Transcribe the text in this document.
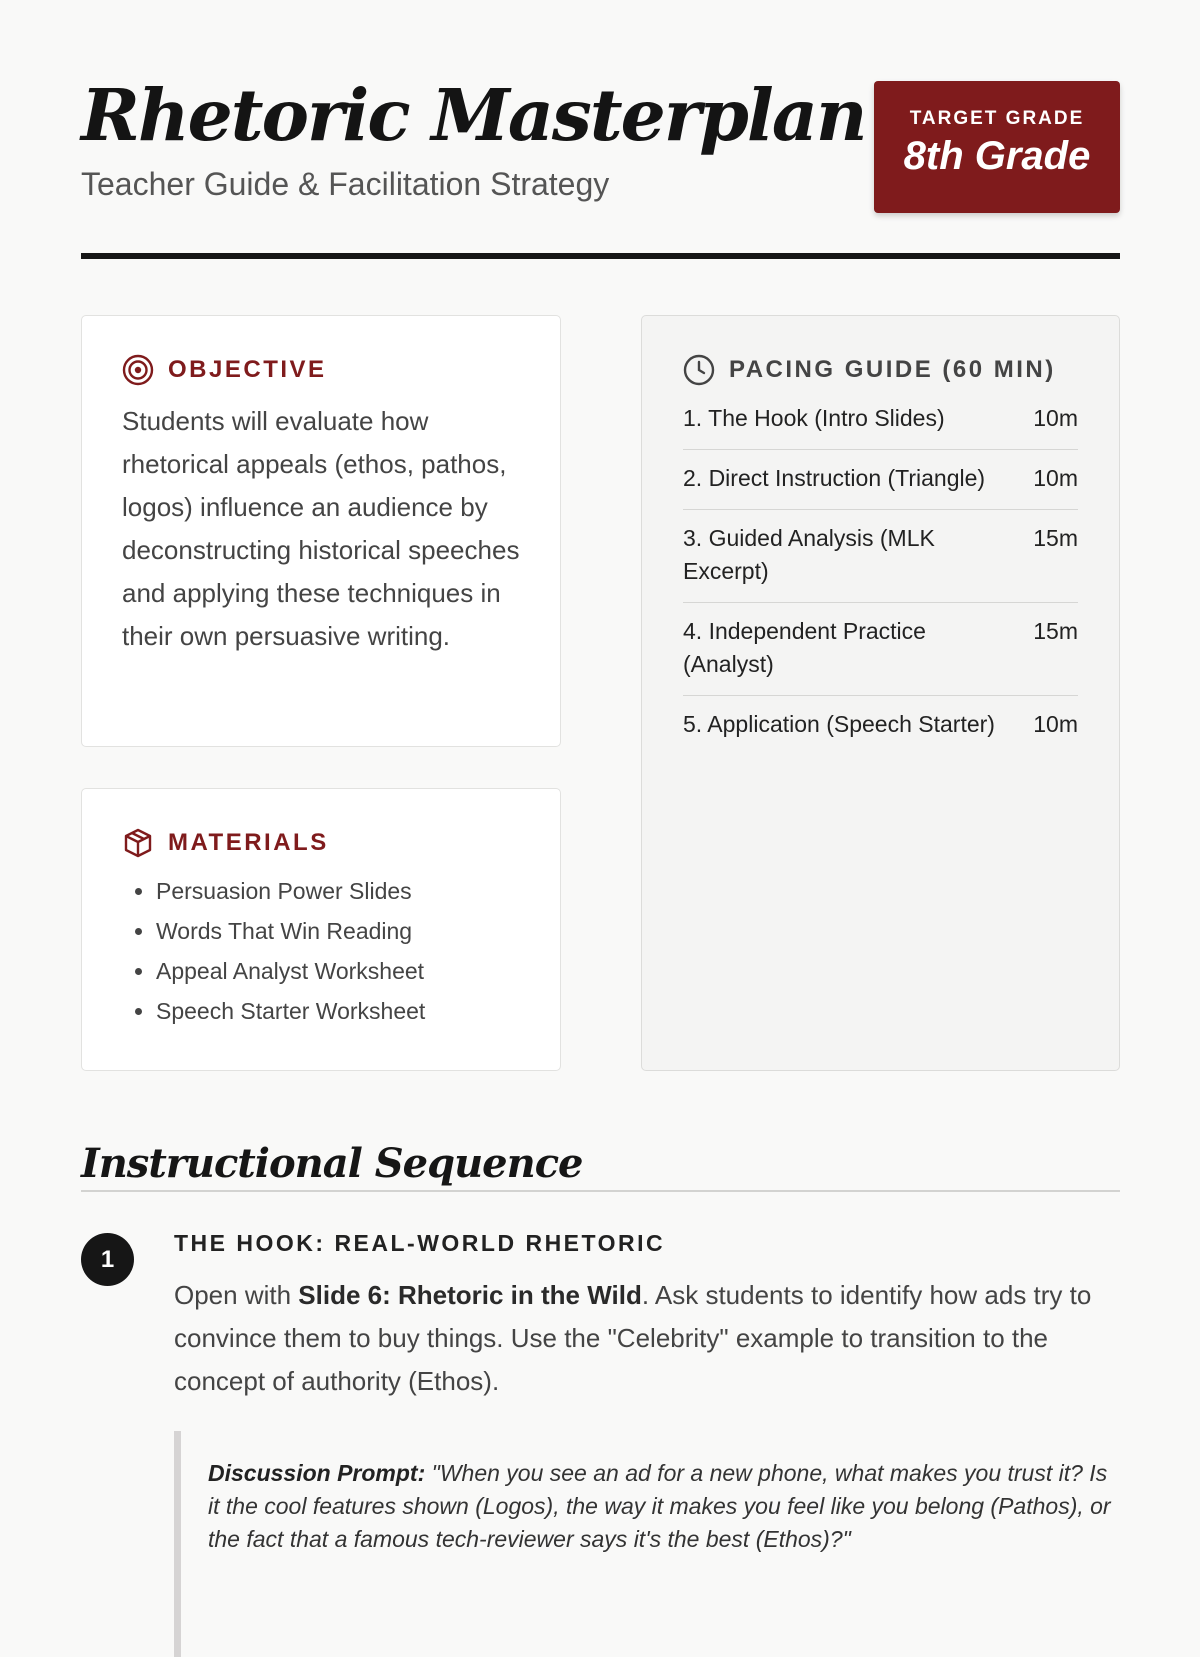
Rhetoric Masterplan
Teacher Guide & Facilitation Strategy
TARGET GRADE
8th Grade
OBJECTIVE
Students will evaluate how rhetorical appeals (ethos, pathos, logos) influence an audience by deconstructing historical speeches and applying these techniques in their own persuasive writing.
MATERIALS
• Persuasion Power Slides
• Words That Win Reading
• Appeal Analyst Worksheet
• Speech Starter Worksheet
PACING GUIDE (60 MIN)
1. The Hook (Intro Slides)	10m
2. Direct Instruction (Triangle) 10m
3. Guided Analysis (MLK Excerpt)
15m
4. Independent Practice (Analyst)
15m
5. Application (Speech Starter) 10m
Instructional Sequence
1
THE HOOK: REAL-WORLD RHETORIC
Open with Slide 6: Rhetoric in the Wild. Ask students to identify how ads try to convince them to buy things. Use the "Celebrity" example to transition to the concept of authority (Ethos).
Discussion Prompt: "When you see an ad for a new phone, what makes you trust it? Is it the cool features shown (Logos), the way it makes you feel like you belong (Pathos), or the fact that a famous tech-reviewer says it's the best (Ethos)?"
